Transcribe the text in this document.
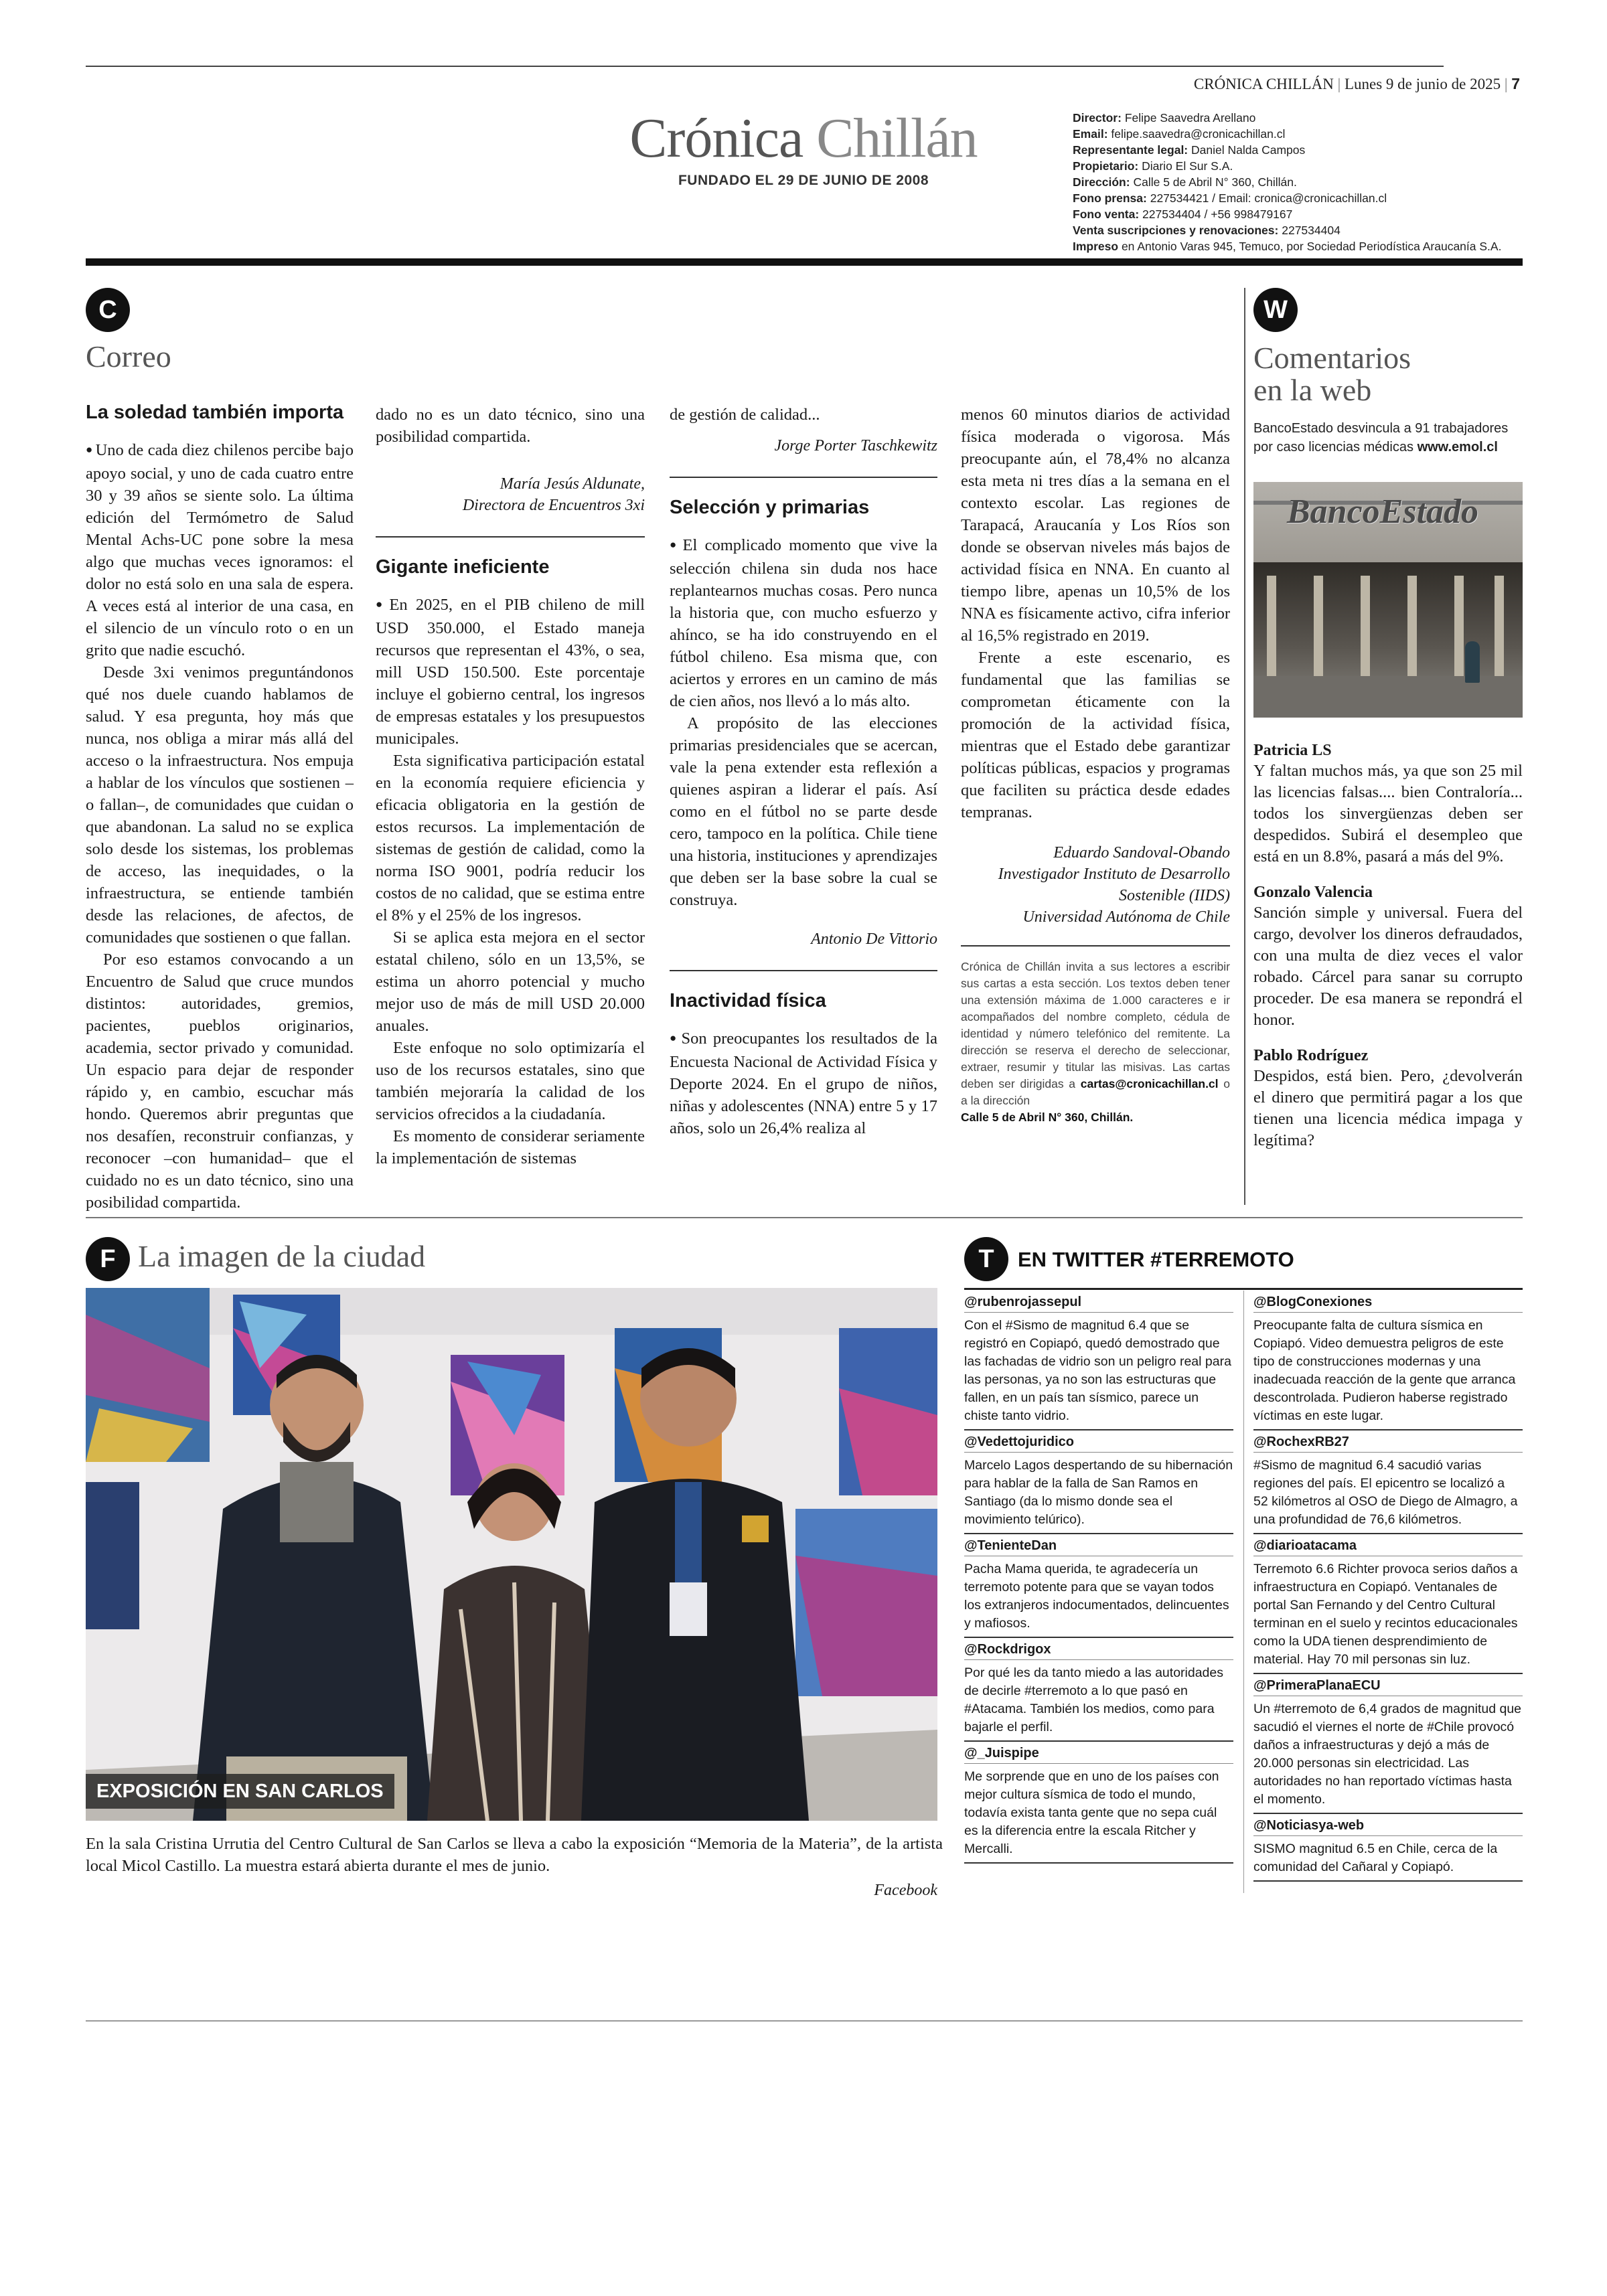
CRÓNICA CHILLÁN | Lunes 9 de junio de 2025 | 7
Crónica Chillán
FUNDADO EL 29 DE JUNIO DE 2008
Director: Felipe Saavedra Arellano
Email: felipe.saavedra@cronicachillan.cl
Representante legal: Daniel Nalda Campos
Propietario: Diario El Sur S.A.
Dirección: Calle 5 de Abril N° 360, Chillán.
Fono prensa: 227534421 / Email: cronica@cronicachillan.cl
Fono venta: 227534404 / +56 998479167
Venta suscripciones y renovaciones: 227534404
Impreso en Antonio Varas 945, Temuco, por Sociedad Periodística Araucanía S.A.
C
Correo
La soledad también importa

● Uno de cada diez chilenos percibe bajo apoyo social, y uno de cada cuatro entre 30 y 39 años se siente solo. La última edición del Termómetro de Salud Mental Achs-UC pone sobre la mesa algo que muchas veces ignoramos: el dolor no está solo en una sala de espera. A veces está al interior de una casa, en el silencio de un vínculo roto o en un grito que nadie escuchó.

Desde 3xi venimos preguntándonos qué nos duele cuando hablamos de salud. Y esa pregunta, hoy más que nunca, nos obliga a mirar más allá del acceso o la infraestructura. Nos empuja a hablar de los vínculos que sostienen –o fallan–, de comunidades que cuidan o que abandonan. La salud no se explica solo desde los sistemas, los problemas de acceso, las inequidades, o la infraestructura, se entiende también desde las relaciones, de afectos, de comunidades que sostienen o que fallan.

Por eso estamos convocando a un Encuentro de Salud que cruce mundos distintos: autoridades, gremios, pacientes, pueblos originarios, academia, sector privado y comunidad. Un espacio para dejar de responder rápido y, en cambio, escuchar más hondo. Queremos abrir preguntas que nos desafíen, reconstruir confianzas, y reconocer –con humanidad– que el cuidado no es un dato técnico, sino una posibilidad compartida.

dado no es un dato técnico, sino una posibilidad compartida.

María Jesús Aldunate,
Directora de Encuentros 3xi
Gigante ineficiente

● En 2025, en el PIB chileno de mill USD 350.000, el Estado maneja recursos que representan el 43%, o sea, mill USD 150.500. Este porcentaje incluye el gobierno central, los ingresos de empresas estatales y los presupuestos municipales.

Esta significativa participación estatal en la economía requiere eficiencia y eficacia obligatoria en la gestión de estos recursos. La implementación de sistemas de gestión de calidad, como la norma ISO 9001, podría reducir los costos de no calidad, que se estima entre el 8% y el 25% de los ingresos.

Si se aplica esta mejora en el sector estatal chileno, sólo en un 13,5%, se estima un ahorro potencial y mucho mejor uso de más de mill USD 20.000 anuales.

Este enfoque no solo optimizaría el uso de los recursos estatales, sino que también mejoraría la calidad de los servicios ofrecidos a la ciudadanía.

Es momento de considerar seriamente la implementación de sistemas

de gestión de calidad...

Jorge Porter Taschkewitz
Selección y primarias

● El complicado momento que vive la selección chilena sin duda nos hace replantearnos muchas cosas. Pero nunca la historia que, con mucho esfuerzo y ahínco, se ha ido construyendo en el fútbol chileno. Esa misma que, con aciertos y errores en un camino de más de cien años, nos llevó a lo más alto.

A propósito de las elecciones primarias presidenciales que se acercan, vale la pena extender esta reflexión a quienes aspiran a liderar el país. Así como en el fútbol no se parte desde cero, tampoco en la política. Chile tiene una historia, instituciones y aprendizajes que deben ser la base sobre la cual se construya.

Antonio De Vittorio
Inactividad física

● Son preocupantes los resultados de la Encuesta Nacional de Actividad Física y Deporte 2024. En el grupo de niños, niñas y adolescentes (NNA) entre 5 y 17 años, solo un 26,4% realiza al

menos 60 minutos diarios de actividad física moderada o vigorosa. Más preocupante aún, el 78,4% no alcanza esta meta ni tres días a la semana en el contexto escolar. Las regiones de Tarapacá, Araucanía y Los Ríos son donde se observan niveles más bajos de actividad física en NNA. En cuanto al tiempo libre, apenas un 10,5% de los NNA es físicamente activo, cifra inferior al 16,5% registrado en 2019.

Frente a este escenario, es fundamental que las familias se comprometan éticamente con la promoción de la actividad física, mientras que el Estado debe garantizar políticas públicas, espacios y programas que faciliten su práctica desde edades tempranas.

Eduardo Sandoval-Obando
Investigador Instituto de Desarrollo
Sostenible (IIDS)
Universidad Autónoma de Chile
Crónica de Chillán invita a sus lectores a escribir sus cartas a esta sección. Los textos deben tener una extensión máxima de 1.000 caracteres e ir acompañados del nombre completo, cédula de identidad y número telefónico del remitente. La dirección se reserva el derecho de seleccionar, extraer, resumir y titular las misivas. Las cartas deben ser dirigidas a cartas@cronicachillan.cl o a la dirección
Calle 5 de Abril N° 360, Chillán.
W
Comentarios
en la web
BancoEstado desvincula a 91 trabajadores por caso licencias médicas www.emol.cl
BancoEstado
Patricia LS
Y faltan muchos más, ya que son 25 mil las licencias falsas.... bien Contraloría... todos los sinvergüenzas deben ser despedidos. Subirá el desempleo que está en un 8.8%, pasará a más del 9%.
Gonzalo Valencia
Sanción simple y universal. Fuera del cargo, devolver los dineros defraudados, con una multa de diez veces el valor robado. Cárcel para sanar su corrupto proceder. De esa manera se repondrá el honor.
Pablo Rodríguez
Despidos, está bien. Pero, ¿devolverán el dinero que permitirá pagar a los que tienen una licencia médica impaga y legítima?
F La imagen de la ciudad
EXPOSICIÓN EN SAN CARLOS
En la sala Cristina Urrutia del Centro Cultural de San Carlos se lleva a cabo la exposición “Memoria de la Materia”, de la artista local Micol Castillo. La muestra estará abierta durante el mes de junio.
Facebook
T	EN TWITTER #TERREMOTO
@rubenrojassepul
Con el #Sismo de magnitud 6.4 que se registró en Copiapó, quedó demostrado que las fachadas de vidrio son un peligro real para las personas, ya no son las estructuras que fallen, en un país tan sísmico, parece un chiste tanto vidrio.
@Vedettojuridico
Marcelo Lagos despertando de su hibernación para hablar de la falla de San Ramos en Santiago (da lo mismo donde sea el movimiento telúrico).
@TenienteDan
Pacha Mama querida, te agradecería un terremoto potente para que se vayan todos los extranjeros indocumentados, delincuentes y mafiosos.
@Rockdrigox
Por qué les da tanto miedo a las autoridades de decirle #terremoto a lo que pasó en #Atacama. También los medios, como para bajarle el perfil.
@_Juispipe
Me sorprende que en uno de los países con mejor cultura sísmica de todo el mundo, todavía exista tanta gente que no sepa cuál es la diferencia entre la escala Ritcher y Mercalli.
@BlogConexiones
Preocupante falta de cultura sísmica en Copiapó. Video demuestra peligros de este tipo de construcciones modernas y una inadecuada reacción de la gente que arranca descontrolada. Pudieron haberse registrado víctimas en este lugar.
@RochexRB27
#Sismo de magnitud 6.4 sacudió varias regiones del país. El epicentro se localizó a 52 kilómetros al OSO de Diego de Almagro, a una profundidad de 76,6 kilómetros.
@diarioatacama
Terremoto 6.6 Richter provoca serios daños a infraestructura en Copiapó. Ventanales de portal San Fernando y del Centro Cultural terminan en el suelo y recintos educacionales como la UDA tienen desprendimiento de material. Hay 70 mil personas sin luz.
@PrimeraPlanaECU
Un #terremoto de 6,4 grados de magnitud que sacudió el viernes el norte de #Chile provocó daños a infraestructuras y dejó a más de 20.000 personas sin electricidad. Las autoridades no han reportado víctimas hasta el momento.
@Noticiasya-web
SISMO magnitud 6.5 en Chile, cerca de la comunidad del Cañaral y Copiapó.
